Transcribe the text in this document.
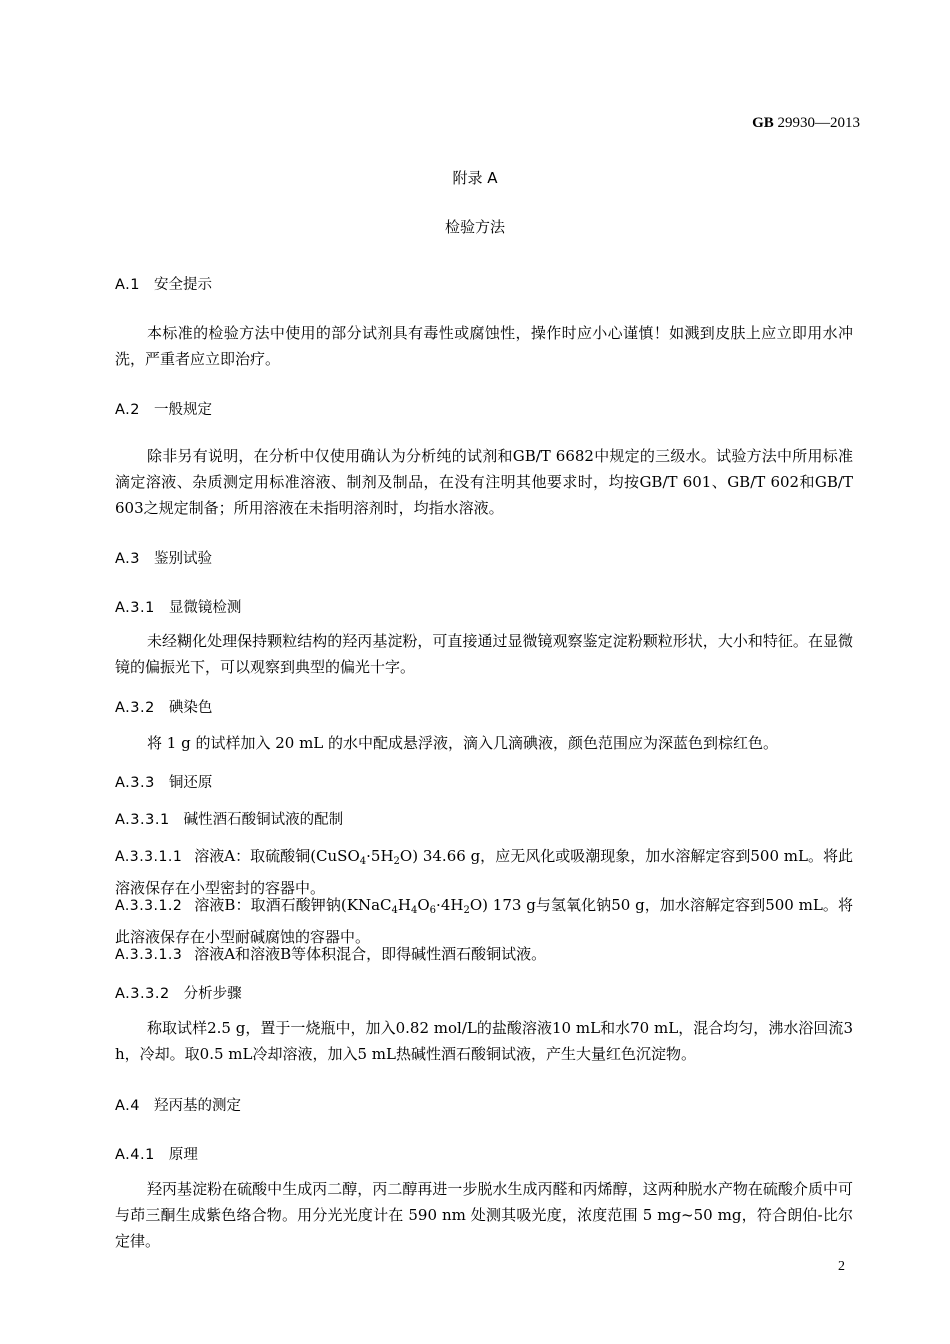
GB 29930—2013
附录 A
检验方法
A.1 安全提示
本标准的检验方法中使用的部分试剂具有毒性或腐蚀性，操作时应小心谨慎！如溅到皮肤上应立即用水冲洗，严重者应立即治疗。
A.2 一般规定
除非另有说明，在分析中仅使用确认为分析纯的试剂和GB/T 6682中规定的三级水。试验方法中所用标准滴定溶液、杂质测定用标准溶液、制剂及制品，在没有注明其他要求时，均按GB/T 601、GB/T 602和GB/T 603之规定制备；所用溶液在未指明溶剂时，均指水溶液。
A.3 鉴别试验
A.3.1 显微镜检测
未经糊化处理保持颗粒结构的羟丙基淀粉，可直接通过显微镜观察鉴定淀粉颗粒形状，大小和特征。在显微镜的偏振光下，可以观察到典型的偏光十字。
A.3.2 碘染色
将 1 g 的试样加入 20 mL 的水中配成悬浮液，滴入几滴碘液，颜色范围应为深蓝色到棕红色。
A.3.3 铜还原
A.3.3.1 碱性酒石酸铜试液的配制
A.3.3.1.1 溶液A：取硫酸铜$(CuSO_4\cdot 5H_2O)$ 34.66 g，应无风化或吸潮现象，加水溶解定容到500 mL。将此溶液保存在小型密封的容器中。
A.3.3.1.2 溶液B：取酒石酸钾钠$(KNaC_4H_4O_6\cdot 4H_2O)$ 173 g与氢氧化钠50 g，加水溶解定容到500 mL。将此溶液保存在小型耐碱腐蚀的容器中。
A.3.3.1.3 溶液A和溶液B等体积混合，即得碱性酒石酸铜试液。
A.3.3.2 分析步骤
称取试样2.5 g，置于一烧瓶中，加入0.82 mol/L的盐酸溶液10 mL和水70 mL，混合均匀，沸水浴回流3 h，冷却。取0.5 mL冷却溶液，加入5 mL热碱性酒石酸铜试液，产生大量红色沉淀物。
A.4 羟丙基的测定
A.4.1 原理
羟丙基淀粉在硫酸中生成丙二醇，丙二醇再进一步脱水生成丙醛和丙烯醇，这两种脱水产物在硫酸介质中可与茚三酮生成紫色络合物。用分光光度计在 590 nm 处测其吸光度，浓度范围 5 mg~50 mg，符合朗伯-比尔定律。
2
